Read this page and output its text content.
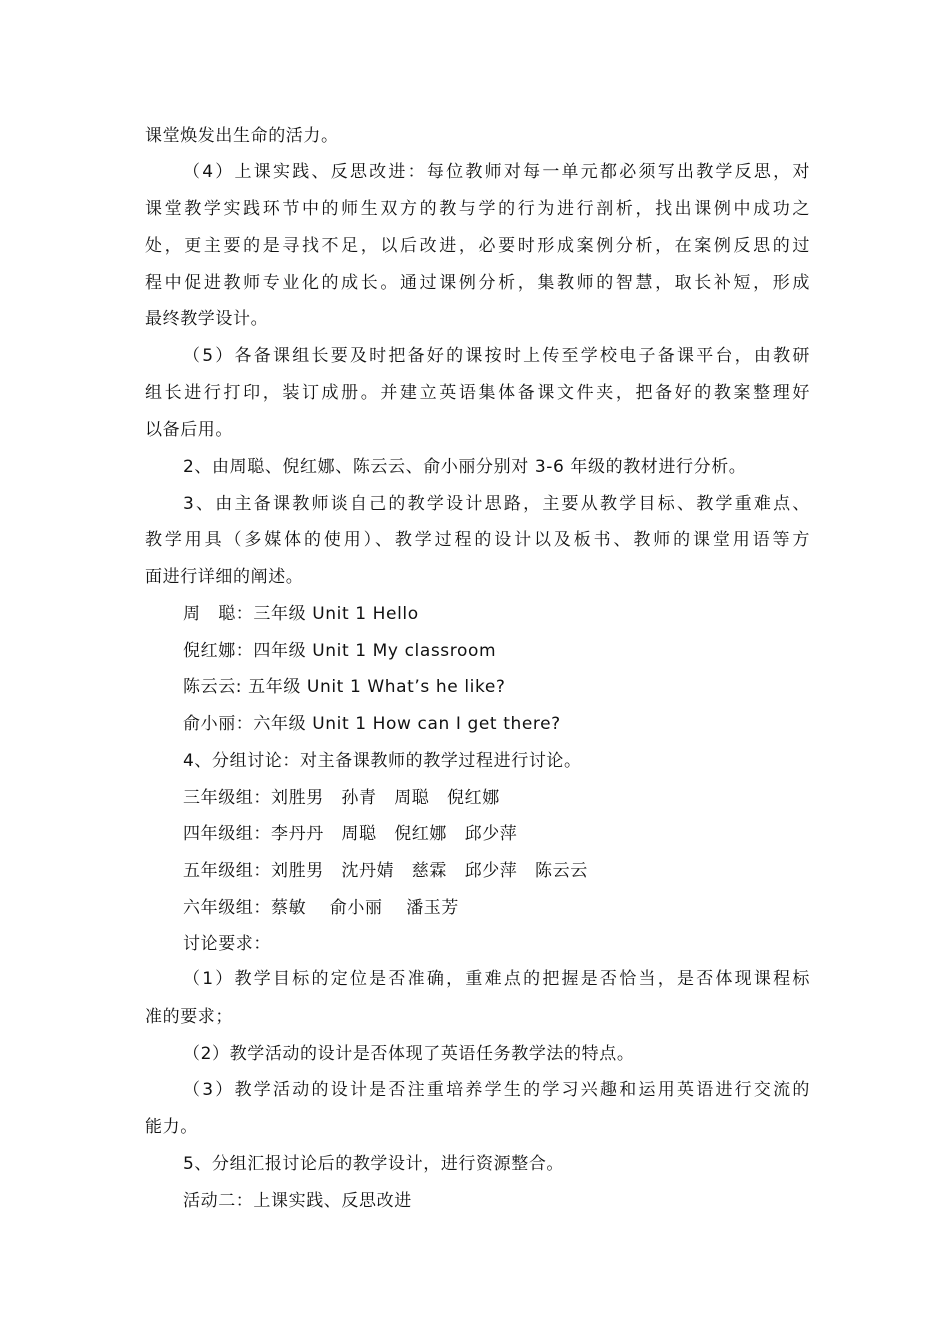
课堂焕发出生命的活力。
（4）上课实践、反思改进：每位教师对每一单元都必须写出教学反思，对
课堂教学实践环节中的师生双方的教与学的行为进行剖析，找出课例中成功之
处，更主要的是寻找不足，以后改进，必要时形成案例分析，在案例反思的过
程中促进教师专业化的成长。通过课例分析，集教师的智慧，取长补短，形成
最终教学设计。
（5）各备课组长要及时把备好的课按时上传至学校电子备课平台，由教研
组长进行打印，装订成册。并建立英语集体备课文件夹，把备好的教案整理好
以备后用。
2、由周聪、倪红娜、陈云云、俞小丽分别对 3-6 年级的教材进行分析。
3、由主备课教师谈自己的教学设计思路，主要从教学目标、教学重难点、
教学用具（多媒体的使用）、教学过程的设计以及板书、教师的课堂用语等方
面进行详细的阐述。
周　聪：三年级 Unit 1 Hello
倪红娜：四年级 Unit 1 My classroom
陈云云: 五年级 Unit 1 What’s he like?
俞小丽：六年级 Unit 1 How can I get there?
4、分组讨论：对主备课教师的教学过程进行讨论。
三年级组：刘胜男　孙青　周聪　倪红娜
四年级组：李丹丹　周聪　倪红娜　邱少萍
五年级组：刘胜男　沈丹婧　慈霖　邱少萍　陈云云
六年级组：蔡敏　 俞小丽　 潘玉芳
讨论要求：
（1）教学目标的定位是否准确，重难点的把握是否恰当，是否体现课程标
准的要求；
（2）教学活动的设计是否体现了英语任务教学法的特点。
（3）教学活动的设计是否注重培养学生的学习兴趣和运用英语进行交流的
能力。
5、分组汇报讨论后的教学设计，进行资源整合。
活动二：上课实践、反思改进
